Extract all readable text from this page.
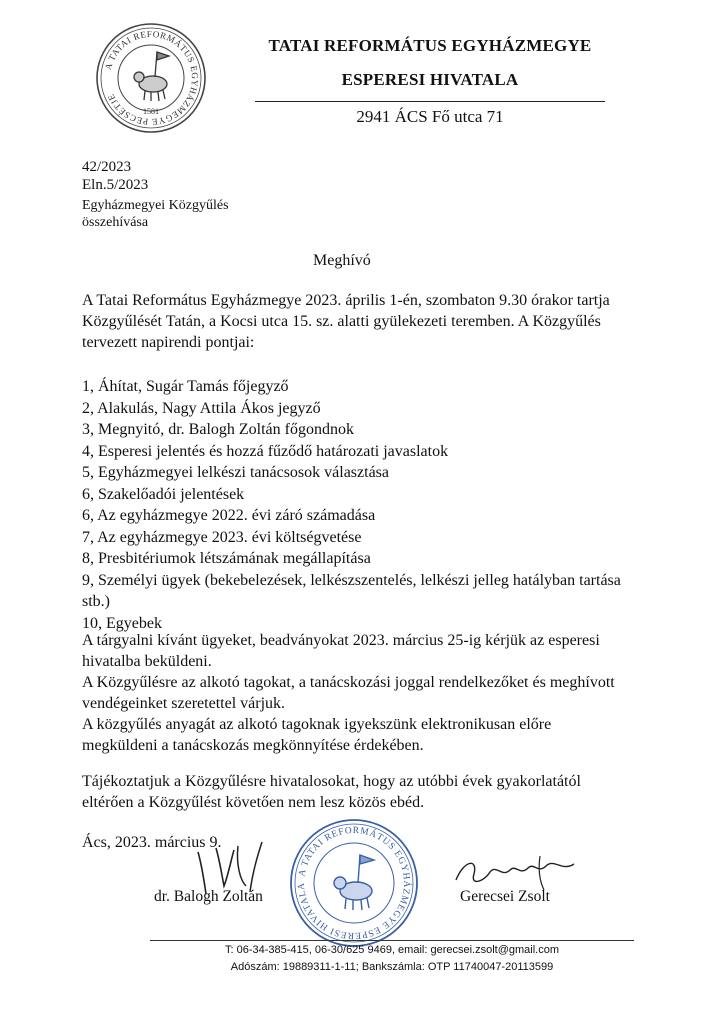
A TATAI REFORMÁTUS EGYHÁZMEGYE PECSÉTJE
1581
TATAI REFORMÁTUS EGYHÁZMEGYE
ESPERESI HIVATALA
2941 ÁCS Fő utca 71
42/2023
Eln.5/2023
Egyházmegyei Közgyűlés
összehívása
Meghívó
A Tatai Református Egyházmegye 2023. április 1-én, szombaton 9.30 órakor tartja Közgyűlését Tatán, a Kocsi utca 15. sz. alatti gyülekezeti teremben. A Közgyűlés tervezett napirendi pontjai:
1, Áhítat, Sugár Tamás főjegyző
2, Alakulás, Nagy Attila Ákos jegyző
3, Megnyitó, dr. Balogh Zoltán főgondnok
4, Esperesi jelentés és hozzá fűződő határozati javaslatok
5, Egyházmegyei lelkészi tanácsosok választása
6, Szakelőadói jelentések
6, Az egyházmegye 2022. évi záró számadása
7, Az egyházmegye 2023. évi költségvetése
8, Presbitériumok létszámának megállapítása
9, Személyi ügyek (bekebelezések, lelkészszentelés, lelkészi jelleg hatályban tartása stb.)
10, Egyebek
A tárgyalni kívánt ügyeket, beadványokat 2023. március 25-ig kérjük az esperesi hivatalba beküldeni.
A Közgyűlésre az alkotó tagokat, a tanácskozási joggal rendelkezőket és meghívott vendégeinket szeretettel várjuk.
A közgyűlés anyagát az alkotó tagoknak igyekszünk elektronikusan előre megküldeni a tanácskozás megkönnyítése érdekében.
Tájékoztatjuk a Közgyűlésre hivatalosokat, hogy az utóbbi évek gyakorlatától eltérően a Közgyűlést követően nem lesz közös ebéd.
Ács, 2023. március 9.
dr. Balogh Zoltán
A TATAI REFORMÁTUS EGYHÁZMEGYE ESPERESI HIVATALA
Gerecsei Zsolt
T: 06-34-385-415, 06-30/625 9469, email: gerecsei.zsolt@gmail.com
Adószám: 19889311-1-11; Bankszámla: OTP 11740047-20113599
